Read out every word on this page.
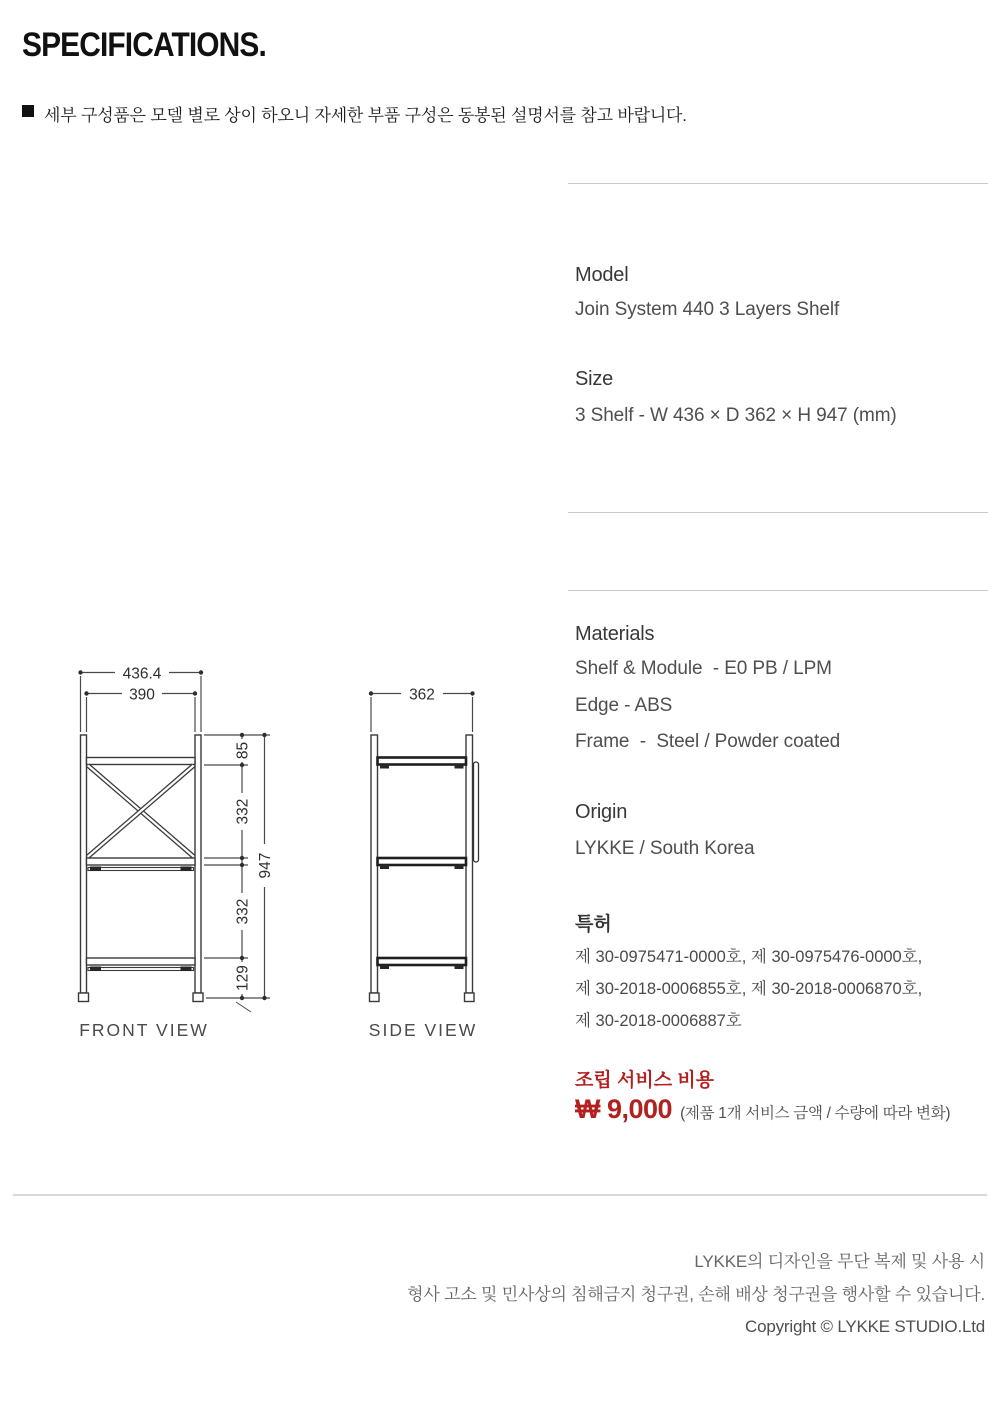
SPECIFICATIONS.
세부 구성품은 모델 별로 상이 하오니 자세한 부품 구성은 동봉된 설명서를 참고 바랍니다.
Model
Join System 440 3 Layers Shelf
Size
3 Shelf - W 436 × D 362 × H 947 (mm)
Materials
Shelf & Module  - E0 PB / LPM
Edge - ABS
Frame  -  Steel / Powder coated
Origin
LYKKE / South Korea
특허
제 30-0975471-0000호, 제 30-0975476-0000호,
제 30-2018-0006855호, 제 30-2018-0006870호,
제 30-2018-0006887호
조립 서비스 비용
₩ 9,000 (제품 1개 서비스 금액 / 수량에 따라 변화)
436.4
390
85
332
332
129
947
FRONT VIEW
362
SIDE VIEW
LYKKE의 디자인을 무단 복제 및 사용 시
형사 고소 및 민사상의 침해금지 청구권, 손해 배상 청구권을 행사할 수 있습니다.
Copyright © LYKKE STUDIO.Ltd
